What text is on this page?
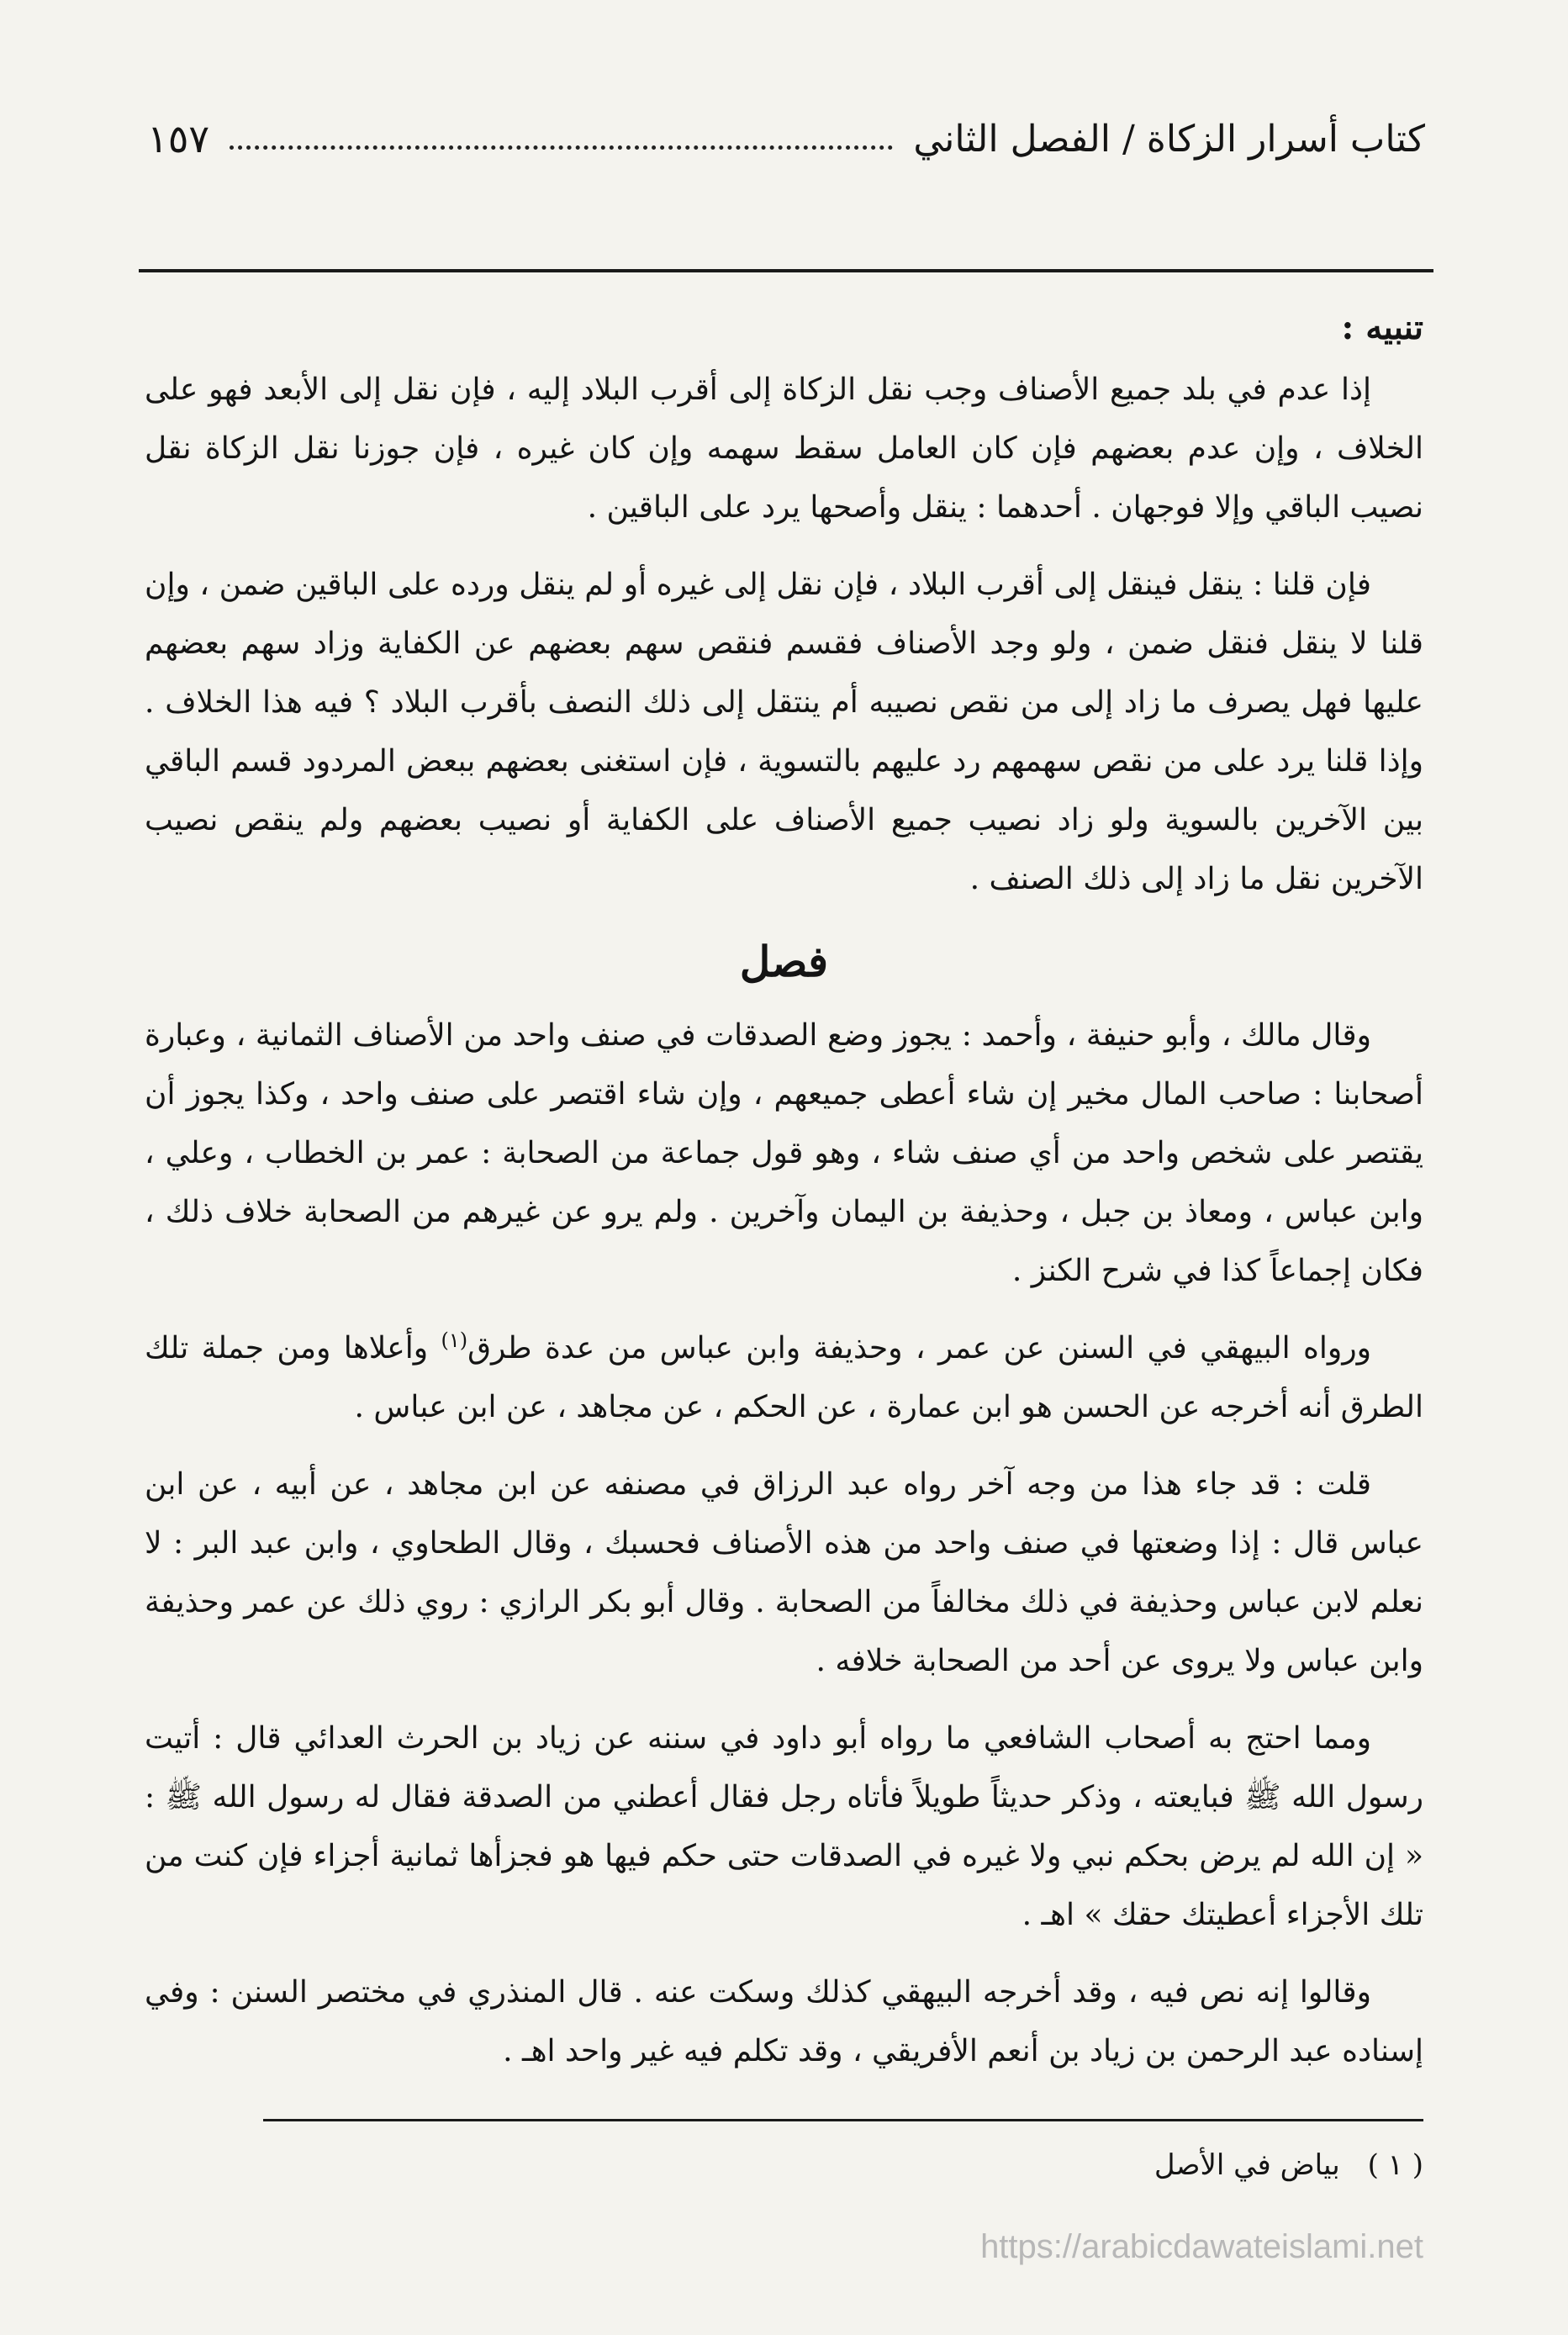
كتاب أسرار الزكاة / الفصل الثاني
١٥٧
تنبيه :

إذا عدم في بلد جميع الأصناف وجب نقل الزكاة إلى أقرب البلاد إليه ، فإن نقل إلى الأبعد فهو على الخلاف ، وإن عدم بعضهم فإن كان العامل سقط سهمه وإن كان غيره ، فإن جوزنا نقل الزكاة نقل نصيب الباقي وإلا فوجهان . أحدهما : ينقل وأصحها يرد على الباقين .

فإن قلنا : ينقل فينقل إلى أقرب البلاد ، فإن نقل إلى غيره أو لم ينقل ورده على الباقين ضمن ، وإن قلنا لا ينقل فنقل ضمن ، ولو وجد الأصناف فقسم فنقص سهم بعضهم عن الكفاية وزاد سهم بعضهم عليها فهل يصرف ما زاد إلى من نقص نصيبه أم ينتقل إلى ذلك النصف بأقرب البلاد ؟ فيه هذا الخلاف . وإذا قلنا يرد على من نقص سهمهم رد عليهم بالتسوية ، فإن استغنى بعضهم ببعض المردود قسم الباقي بين الآخرين بالسوية ولو زاد نصيب جميع الأصناف على الكفاية أو نصيب بعضهم ولم ينقص نصيب الآخرين نقل ما زاد إلى ذلك الصنف .

فصل

وقال مالك ، وأبو حنيفة ، وأحمد : يجوز وضع الصدقات في صنف واحد من الأصناف الثمانية ، وعبارة أصحابنا : صاحب المال مخير إن شاء أعطى جميعهم ، وإن شاء اقتصر على صنف واحد ، وكذا يجوز أن يقتصر على شخص واحد من أي صنف شاء ، وهو قول جماعة من الصحابة : عمر بن الخطاب ، وعلي ، وابن عباس ، ومعاذ بن جبل ، وحذيفة بن اليمان وآخرين . ولم يرو عن غيرهم من الصحابة خلاف ذلك ، فكان إجماعاً كذا في شرح الكنز .

ورواه البيهقي في السنن عن عمر ، وحذيفة وابن عباس من عدة طرق$^{(١)}$ وأعلاها ومن جملة تلك الطرق أنه أخرجه عن الحسن هو ابن عمارة ، عن الحكم ، عن مجاهد ، عن ابن عباس .

قلت : قد جاء هذا من وجه آخر رواه عبد الرزاق في مصنفه عن ابن مجاهد ، عن أبيه ، عن ابن عباس قال : إذا وضعتها في صنف واحد من هذه الأصناف فحسبك ، وقال الطحاوي ، وابن عبد البر : لا نعلم لابن عباس وحذيفة في ذلك مخالفاً من الصحابة . وقال أبو بكر الرازي : روي ذلك عن عمر وحذيفة وابن عباس ولا يروى عن أحد من الصحابة خلافه .

ومما احتج به أصحاب الشافعي ما رواه أبو داود في سننه عن زياد بن الحرث العدائي قال : أتيت رسول الله ﷺ فبايعته ، وذكر حديثاً طويلاً فأتاه رجل فقال أعطني من الصدقة فقال له رسول الله ﷺ : « إن الله لم يرض بحكم نبي ولا غيره في الصدقات حتى حكم فيها هو فجزأها ثمانية أجزاء فإن كنت من تلك الأجزاء أعطيتك حقك » اهـ .

وقالوا إنه نص فيه ، وقد أخرجه البيهقي كذلك وسكت عنه . قال المنذري في مختصر السنن : وفي إسناده عبد الرحمن بن زياد بن أنعم الأفريقي ، وقد تكلم فيه غير واحد اهـ .

( ١ ) بياض في الأصل
https://arabicdawateislami.net
